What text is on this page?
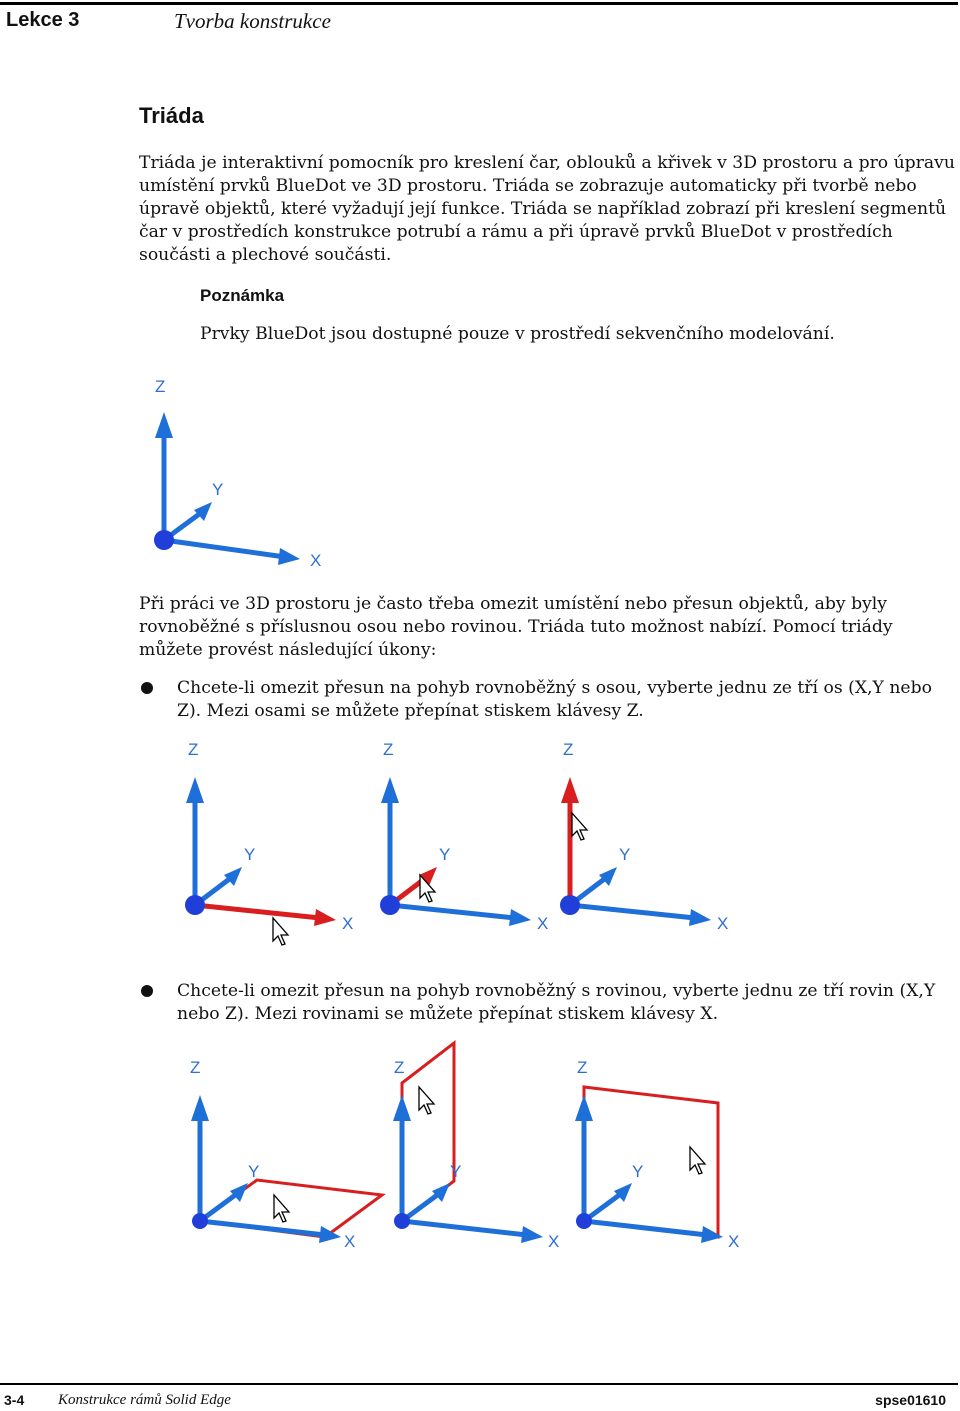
Lekce 3	Tvorba konstrukce
Triáda
Triáda je interaktivní pomocník pro kreslení čar, oblouků a křivek v 3D prostoru a pro úpravu umístění prvků BlueDot ve 3D prostoru. Triáda se zobrazuje automaticky při tvorbě nebo úpravě objektů, které vyžadují její funkce. Triáda se například zobrazí při kreslení segmentů čar v prostředích konstrukce potrubí a rámu a při úpravě prvků BlueDot v prostředích součásti a plechové součásti.
Poznámka
Prvky BlueDot jsou dostupné pouze v prostředí sekvenčního modelování.
Z
Y
X
Při práci ve 3D prostoru je často třeba omezit umístění nebo přesun objektů, aby byly rovnoběžné s příslusnou osou nebo rovinou. Triáda tuto možnost nabízí. Pomocí triády můžete provést následující úkony:
Chcete-li omezit přesun na pohyb rovnoběžný s osou, vyberte jednu ze tří os (X,Y nebo Z). Mezi osami se můžete přepínat stiskem klávesy Z.
Z
Y
X
Z
Y
X
Z
Y
X
Chcete-li omezit přesun na pohyb rovnoběžný s rovinou, vyberte jednu ze tří rovin (X,Y nebo Z). Mezi rovinami se můžete přepínat stiskem klávesy X.
Z
Y
X
Z
Y
X
Z
Y
X
3-4 Konstrukce rámů Solid Edge	spse01610
